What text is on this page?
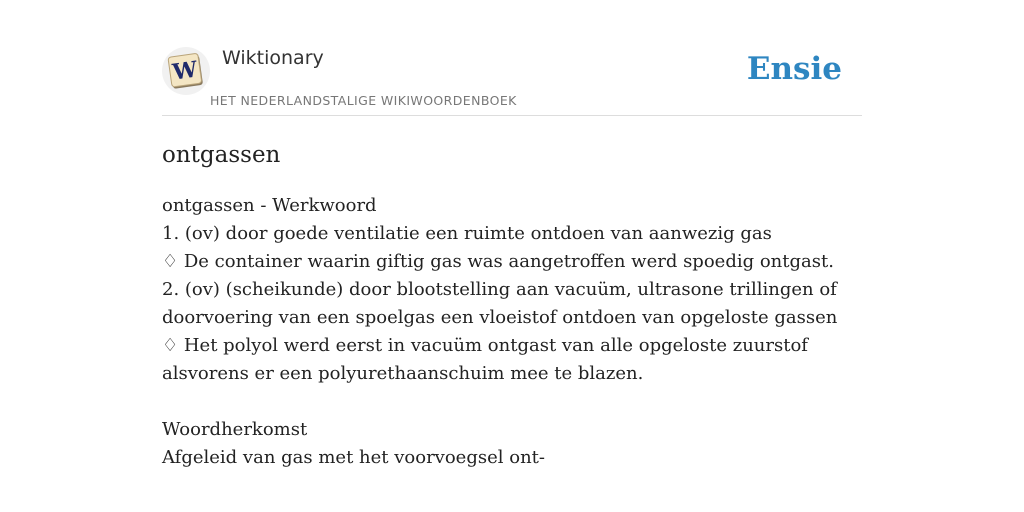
W Wiktionary
HET NEDERLANDSTALIGE WIKIWOORDENBOEK
Ensie
ontgassen

ontgassen - Werkwoord

1. (ov) door goede ventilatie een ruimte ontdoen van aanwezig gas

♢ De container waarin giftig gas was aangetroffen werd spoedig ontgast.

2. (ov) (scheikunde) door blootstelling aan vacuüm, ultrasone trillingen of doorvoering van een spoelgas een vloeistof ontdoen van opgeloste gassen

♢ Het polyol werd eerst in vacuüm ontgast van alle opgeloste zuurstof alsvorens er een polyurethaanschuim mee te blazen.

Woordherkomst

Afgeleid van gas met het voorvoegsel ont-
